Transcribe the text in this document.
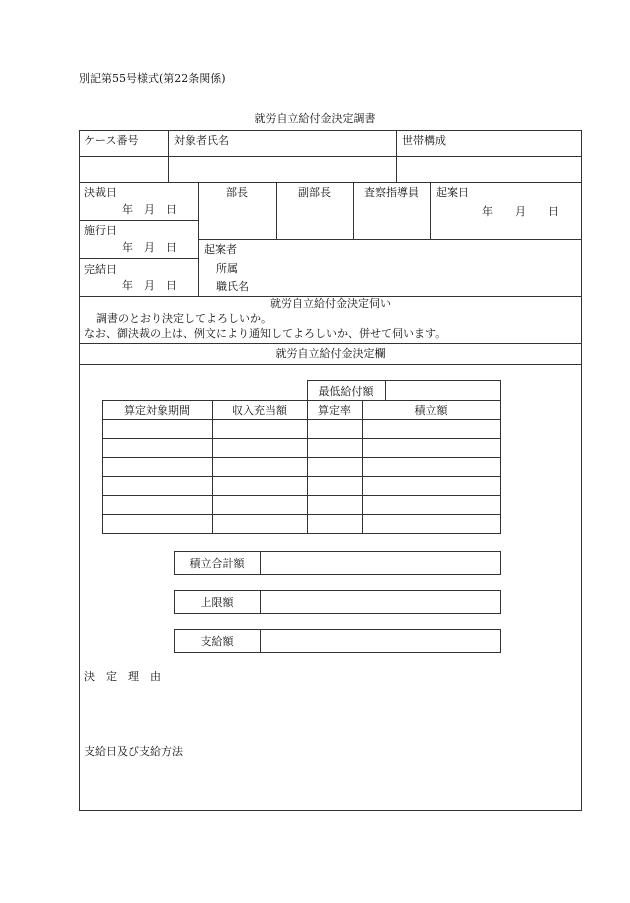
別記第55号様式(第22条関係)
就労自立給付金決定調書
ケース番号	対象者氏名	世帯構成
決裁日
年　月　日
施行日
年　月　日
完結日
年　月　日
部長	副部長	査察指導員	起案日
年　　月　　日
起案者
所属
職氏名
就労自立給付金決定伺い
調書のとおり決定してよろしいか。
なお、御決裁の上は、例文により通知してよろしいか、併せて伺います。
就労自立給付金決定欄
最低給付額
算定対象期間	収入充当額	算定率	積立額
積立合計額
上限額
支給額
決　定　理　由
支給日及び支給方法
